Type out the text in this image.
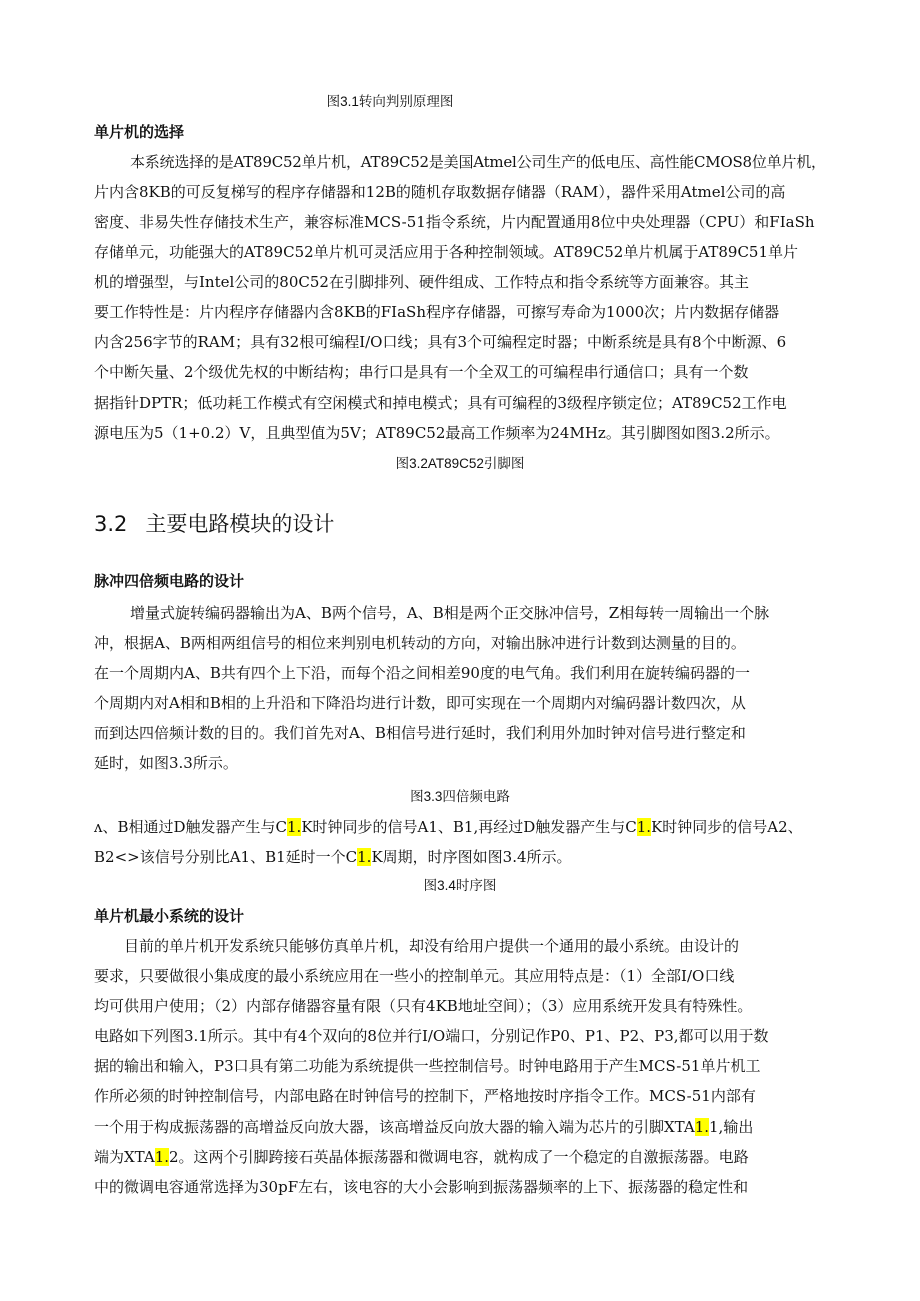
图3.1转向判别原理图
单片机的选择
本系统选择的是AT89C52单片机，AT89C52是美国Atmel公司生产的低电压、高性能CMOS8位单片机，
片内含8KB的可反复梯写的程序存储器和12B的随机存取数据存储器（RAM），器件采用Atmel公司的高
密度、非易失性存储技术生产，兼容标准MCS-51指令系统，片内配置通用8位中央处理器（CPU）和FIaSh
存储单元，功能强大的AT89C52单片机可灵活应用于各种控制领域。AT89C52单片机属于AT89C51单片
机的增强型，与Intel公司的80C52在引脚排列、硬件组成、工作特点和指令系统等方面兼容。其主
要工作特性是：片内程序存储器内含8KB的FIaSh程序存储器，可擦写寿命为1000次；片内数据存储器
内含256字节的RAM；具有32根可编程I/O口线；具有3个可编程定时器；中断系统是具有8个中断源、6
个中断矢量、2个级优先权的中断结构；串行口是具有一个全双工的可编程串行通信口；具有一个数
据指针DPTR；低功耗工作模式有空闲模式和掉电模式；具有可编程的3级程序锁定位；AT89C52工作电
源电压为5（1+0.2）V，且典型值为5V；AT89C52最高工作频率为24MHz。其引脚图如图3.2所示。
图3.2AT89C52引脚图
3.2 主要电路模块的设计
脉冲四倍频电路的设计
增量式旋转编码器输出为A、B两个信号，A、B相是两个正交脉冲信号，Z相每转一周输出一个脉
冲，根据A、B两相两组信号的相位来判别电机转动的方向，对输出脉冲进行计数到达测量的目的。
在一个周期内A、B共有四个上下沿，而每个沿之间相差90度的电气角。我们利用在旋转编码器的一
个周期内对A相和B相的上升沿和下降沿均进行计数，即可实现在一个周期内对编码器计数四次，从
而到达四倍频计数的目的。我们首先对A、B相信号进行延时，我们利用外加时钟对信号进行整定和
延时，如图3.3所示。
图3.3四倍频电路
ʌ、B相通过D触发器产生与C1.K时钟同步的信号A1、B1,再经过D触发器产生与C1.K时钟同步的信号A2、
B2<>该信号分别比A1、B1延时一个C1.K周期，时序图如图3.4所示。
图3.4时序图
单片机最小系统的设计
目前的单片机开发系统只能够仿真单片机，却没有给用户提供一个通用的最小系统。由设计的
要求，只要做很小集成度的最小系统应用在一些小的控制单元。其应用特点是：（1）全部I/O口线
均可供用户使用；（2）内部存储器容量有限（只有4KB地址空间）；（3）应用系统开发具有特殊性。
电路如下列图3.1所示。其中有4个双向的8位并行I/O端口，分别记作P0、P1、P2、P3,都可以用于数
据的输出和输入，P3口具有第二功能为系统提供一些控制信号。时钟电路用于产生MCS-51单片机工
作所必须的时钟控制信号，内部电路在时钟信号的控制下，严格地按时序指令工作。MCS-51内部有
一个用于构成振荡器的高增益反向放大器，该高增益反向放大器的输入端为芯片的引脚XTA1.1,输出
端为XTA1.2。这两个引脚跨接石英晶体振荡器和微调电容，就构成了一个稳定的自激振荡器。电路
中的微调电容通常选择为30pF左右，该电容的大小会影响到振荡器频率的上下、振荡器的稳定性和
